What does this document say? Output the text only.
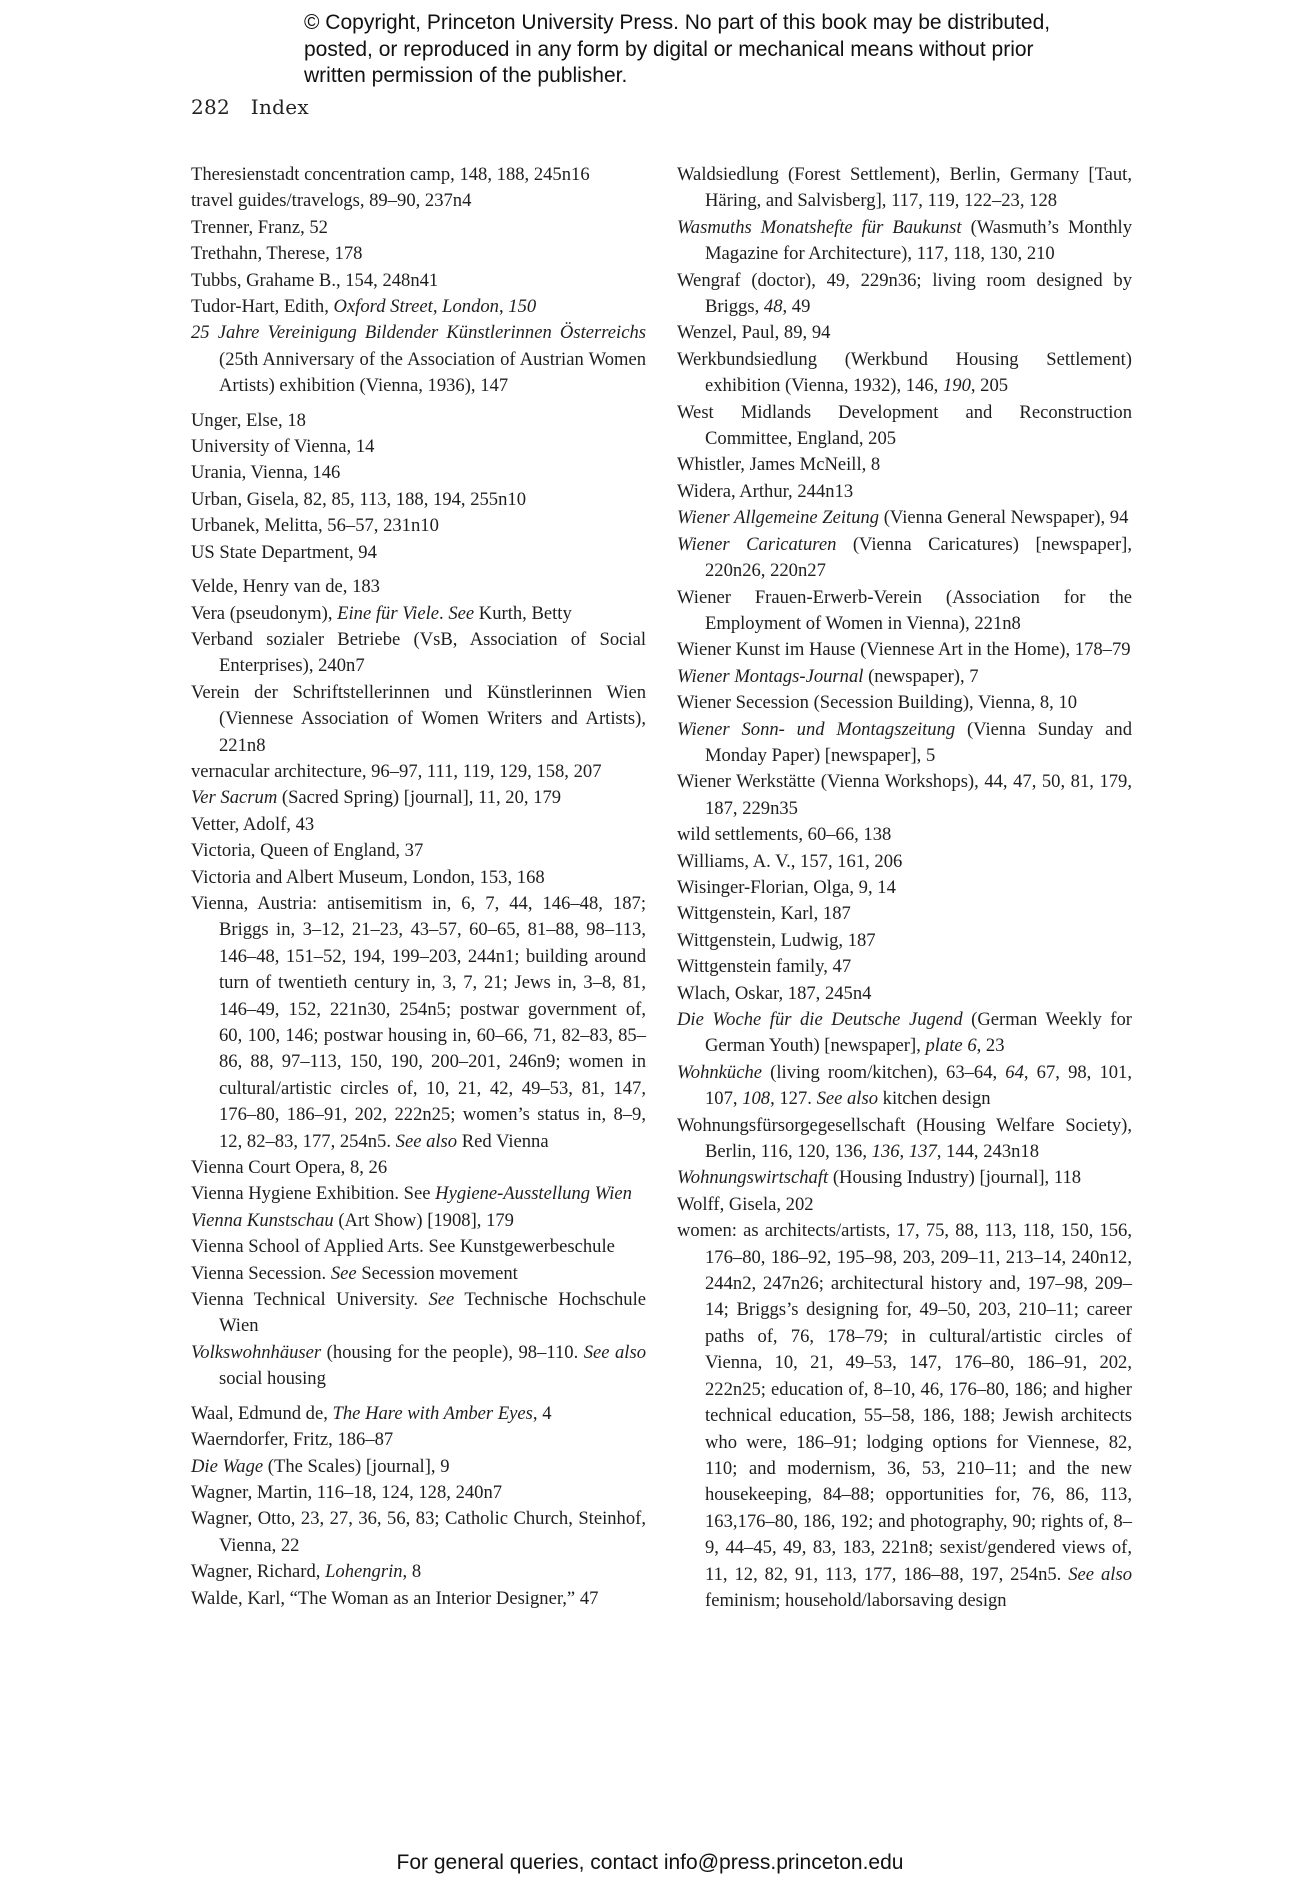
© Copyright, Princeton University Press. No part of this book may be distributed, posted, or reproduced in any form by digital or mechanical means without prior written permission of the publisher.
282 Index

Theresienstadt concentration camp, 148, 188, 245n16

travel guides/travelogs, 89–90, 237n4

Trenner, Franz, 52

Trethahn, Therese, 178

Tubbs, Grahame B., 154, 248n41

Tudor-Hart, Edith, Oxford Street, London, 150

25 Jahre Vereinigung Bildender Künstlerinnen Österreichs (25th Anniversary of the Association of Austrian Women Artists) exhibition (Vienna, 1936), 147

Unger, Else, 18

University of Vienna, 14

Urania, Vienna, 146

Urban, Gisela, 82, 85, 113, 188, 194, 255n10

Urbanek, Melitta, 56–57, 231n10

US State Department, 94

Velde, Henry van de, 183

Vera (pseudonym), Eine für Viele. See Kurth, Betty

Verband sozialer Betriebe (VsB, Association of Social Enterprises), 240n7

Verein der Schriftstellerinnen und Künstlerinnen Wien (Viennese Association of Women Writers and Artists), 221n8

vernacular architecture, 96–97, 111, 119, 129, 158, 207

Ver Sacrum (Sacred Spring) [journal], 11, 20, 179

Vetter, Adolf, 43

Victoria, Queen of England, 37

Victoria and Albert Museum, London, 153, 168

Vienna, Austria: antisemitism in, 6, 7, 44, 146–48, 187; Briggs in, 3–12, 21–23, 43–57, 60–65, 81–88, 98–113, 146–48, 151–52, 194, 199–203, 244n1; building around turn of twentieth century in, 3, 7, 21; Jews in, 3–8, 81, 146–49, 152, 221n30, 254n5; postwar government of, 60, 100, 146; postwar housing in, 60–66, 71, 82–83, 85–86, 88, 97–113, 150, 190, 200–201, 246n9; women in cultural/artistic circles of, 10, 21, 42, 49–53, 81, 147, 176–80, 186–91, 202, 222n25; women’s status in, 8–9, 12, 82–83, 177, 254n5. See also Red Vienna

Vienna Court Opera, 8, 26

Vienna Hygiene Exhibition. See Hygiene-Ausstellung Wien

Vienna Kunstschau (Art Show) [1908], 179

Vienna School of Applied Arts. See Kunstgewerbeschule

Vienna Secession. See Secession movement

Vienna Technical University. See Technische Hochschule Wien

Volkswohnhäuser (housing for the people), 98–110. See also social housing

Waal, Edmund de, The Hare with Amber Eyes, 4

Waerndorfer, Fritz, 186–87

Die Wage (The Scales) [journal], 9

Wagner, Martin, 116–18, 124, 128, 240n7

Wagner, Otto, 23, 27, 36, 56, 83; Catholic Church, Steinhof, Vienna, 22

Wagner, Richard, Lohengrin, 8

Walde, Karl, “The Woman as an Interior Designer,” 47

Waldsiedlung (Forest Settlement), Berlin, Germany [Taut, Häring, and Salvisberg], 117, 119, 122–23, 128

Wasmuths Monatshefte für Baukunst (Wasmuth’s Monthly Magazine for Architecture), 117, 118, 130, 210

Wengraf (doctor), 49, 229n36; living room designed by Briggs, 48, 49

Wenzel, Paul, 89, 94

Werkbundsiedlung (Werkbund Housing Settlement) exhibition (Vienna, 1932), 146, 190, 205

West Midlands Development and Reconstruction Committee, England, 205

Whistler, James McNeill, 8

Widera, Arthur, 244n13

Wiener Allgemeine Zeitung (Vienna General Newspaper), 94

Wiener Caricaturen (Vienna Caricatures) [newspaper], 220n26, 220n27

Wiener Frauen-Erwerb-Verein (Association for the Employment of Women in Vienna), 221n8

Wiener Kunst im Hause (Viennese Art in the Home), 178–79

Wiener Montags-Journal (newspaper), 7

Wiener Secession (Secession Building), Vienna, 8, 10

Wiener Sonn- und Montagszeitung (Vienna Sunday and Monday Paper) [newspaper], 5

Wiener Werkstätte (Vienna Workshops), 44, 47, 50, 81, 179, 187, 229n35

wild settlements, 60–66, 138

Williams, A. V., 157, 161, 206

Wisinger-Florian, Olga, 9, 14

Wittgenstein, Karl, 187

Wittgenstein, Ludwig, 187

Wittgenstein family, 47

Wlach, Oskar, 187, 245n4

Die Woche für die Deutsche Jugend (German Weekly for German Youth) [newspaper], plate 6, 23

Wohnküche (living room/kitchen), 63–64, 64, 67, 98, 101, 107, 108, 127. See also kitchen design

Wohnungsfürsorgegesellschaft (Housing Welfare Society), Berlin, 116, 120, 136, 136, 137, 144, 243n18

Wohnungswirtschaft (Housing Industry) [journal], 118

Wolff, Gisela, 202

women: as architects/artists, 17, 75, 88, 113, 118, 150, 156, 176–80, 186–92, 195–98, 203, 209–11, 213–14, 240n12, 244n2, 247n26; architectural history and, 197–98, 209–14; Briggs’s designing for, 49–50, 203, 210–11; career paths of, 76, 178–79; in cultural/artistic circles of Vienna, 10, 21, 49–53, 147, 176–80, 186–91, 202, 222n25; education of, 8–10, 46, 176–80, 186; and higher technical education, 55–58, 186, 188; Jewish architects who were, 186–91; lodging options for Viennese, 82, 110; and modernism, 36, 53, 210–11; and the new housekeeping, 84–88; opportunities for, 76, 86, 113, 163,176–80, 186, 192; and photography, 90; rights of, 8–9, 44–45, 49, 83, 183, 221n8; sexist/gendered views of, 11, 12, 82, 91, 113, 177, 186–88, 197, 254n5. See also feminism; household/laborsaving design

For general queries, contact info@press.princeton.edu
